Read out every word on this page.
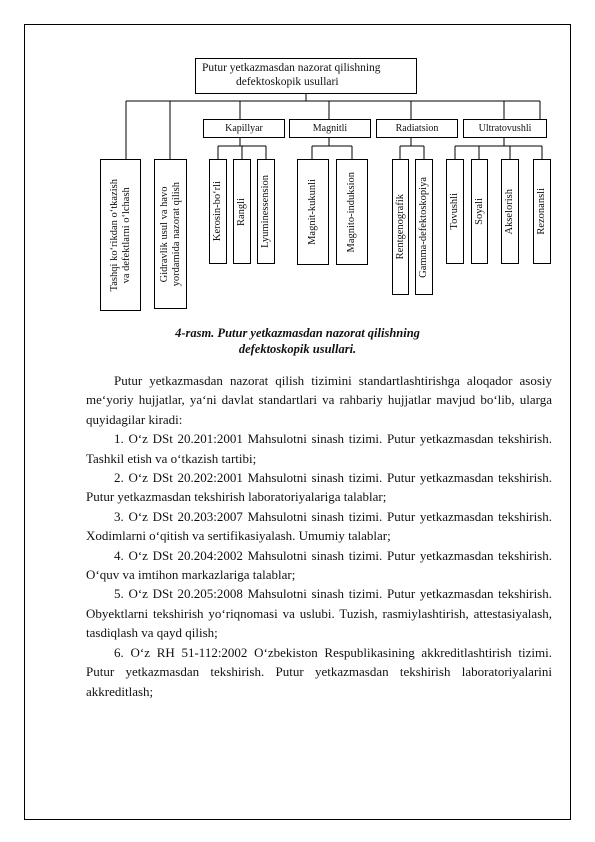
Putur yetkazmasdan nazorat qilishning
defektoskopik usullari
Kapillyar	Magnitli	Radiatsion	Ultratovushli
Tashqi ko‘rikdan o‘tkazish
va defektlarni o‘lchash
Gidravlik usul va havo
yordamida nazorat qilish	Kerosin-bo‘rli Rangli Lyuminessension	Magnit-kukunli	Magnito-induksion	Rentgenografik Gamma-defektoskopiya Tovushli Soyali Akselorish Rezonansli
4-rasm. Putur yetkazmasdan nazorat qilishning
defektoskopik usullari.

Putur yetkazmasdan nazorat qilish tizimini standartlashtirishga aloqador asosiy me‘yoriy hujjatlar, ya‘ni davlat standartlari va rahbariy hujjatlar mavjud bo‘lib, ularga quyidagilar kiradi:

1. O‘z DSt 20.201:2001 Mahsulotni sinash tizimi. Putur yetkazmasdan tekshirish. Tashkil etish va o‘tkazish tartibi;

2. O‘z DSt 20.202:2001 Mahsulotni sinash tizimi. Putur yetkazmasdan tekshirish. Putur yetkazmasdan tekshirish laboratoriyalariga talablar;

3. O‘z DSt 20.203:2007 Mahsulotni sinash tizimi. Putur yetkazmasdan tekshirish. Xodimlarni o‘qitish va sertifikasiyalash. Umumiy talablar;

4. O‘z DSt 20.204:2002 Mahsulotni sinash tizimi. Putur yetkazmasdan tekshirish. O‘quv va imtihon markazlariga talablar;

5. O‘z DSt 20.205:2008 Mahsulotni sinash tizimi. Putur yetkazmasdan tekshirish. Obyektlarni tekshirish yo‘riqnomasi va uslubi. Tuzish, rasmiylashtirish, attestasiyalash, tasdiqlash va qayd qilish;

6. O‘z RH 51-112:2002 O‘zbekiston Respublikasining akkreditlashtirish tizimi. Putur yetkazmasdan tekshirish. Putur yetkazmasdan tekshirish laboratoriyalarini akkreditlash;
